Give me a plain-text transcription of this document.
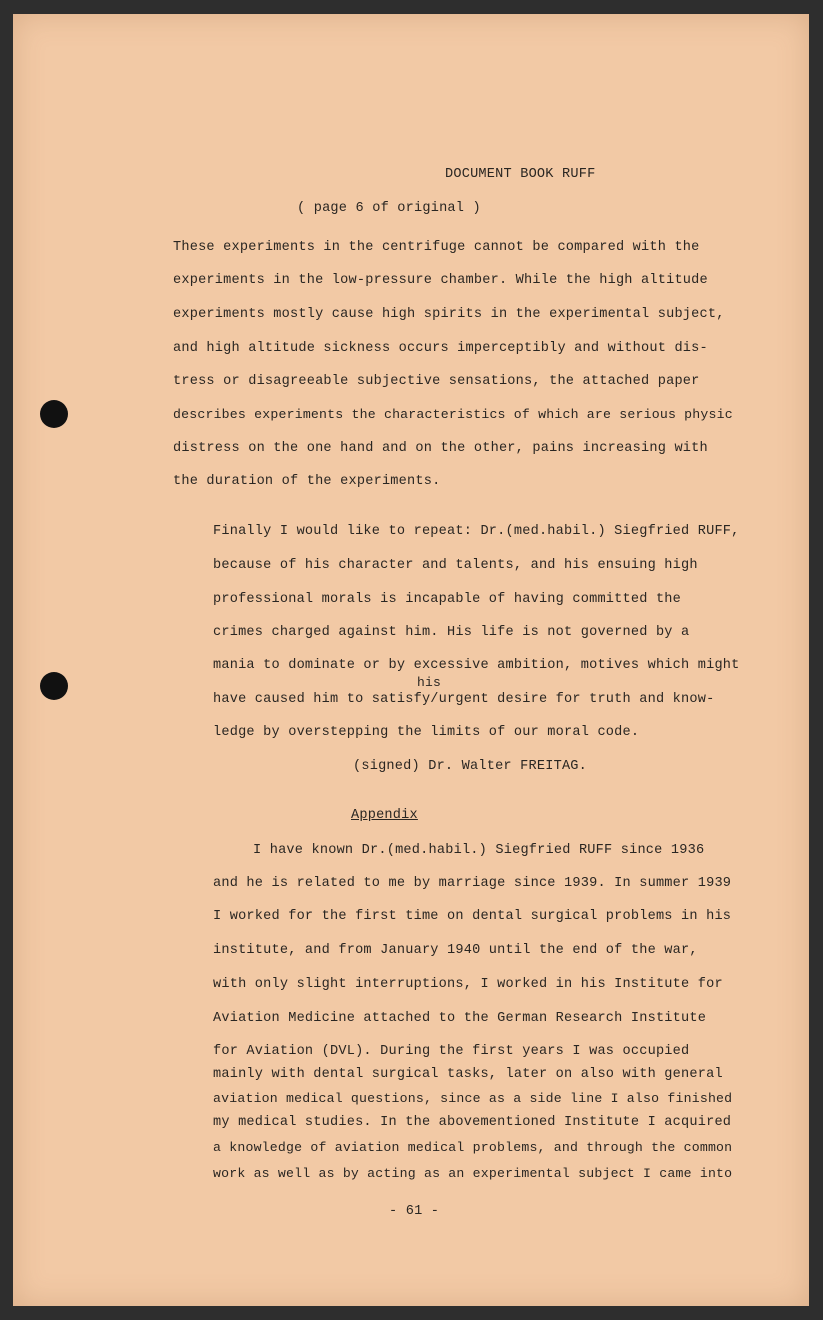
DOCUMENT BOOK RUFF
( page 6 of original )
These experiments in the centrifuge cannot be compared with the
experiments in the low-pressure chamber. While the high altitude
experiments mostly cause high spirits in the experimental subject,
and high altitude sickness occurs imperceptibly and without dis-
tress or disagreeable subjective sensations, the attached paper
describes experiments the characteristics of which are serious physic
distress on the one hand and on the other, pains increasing with
the duration of the experiments.
Finally I would like to repeat: Dr.(med.habil.) Siegfried RUFF,
because of his character and talents, and his ensuing high
professional morals is incapable of having committed the
crimes charged against him. His life is not governed by a
mania to dominate or by excessive ambition, motives which might
his
have caused him to satisfy/urgent desire for truth and know-
ledge by overstepping the limits of our moral code.
(signed) Dr. Walter FREITAG.
Appendix
I have known Dr.(med.habil.) Siegfried RUFF since 1936
and he is related to me by marriage since 1939. In summer 1939
I worked for the first time on dental surgical problems in his
institute, and from January 1940 until the end of the war,
with only slight interruptions, I worked in his Institute for
Aviation Medicine attached to the German Research Institute
for Aviation (DVL). During the first years I was occupied
mainly with dental surgical tasks, later on also with general
aviation medical questions, since as a side line I also finished
my medical studies. In the abovementioned Institute I acquired
a knowledge of aviation medical problems, and through the common
work as well as by acting as an experimental subject I came into
- 61 -
